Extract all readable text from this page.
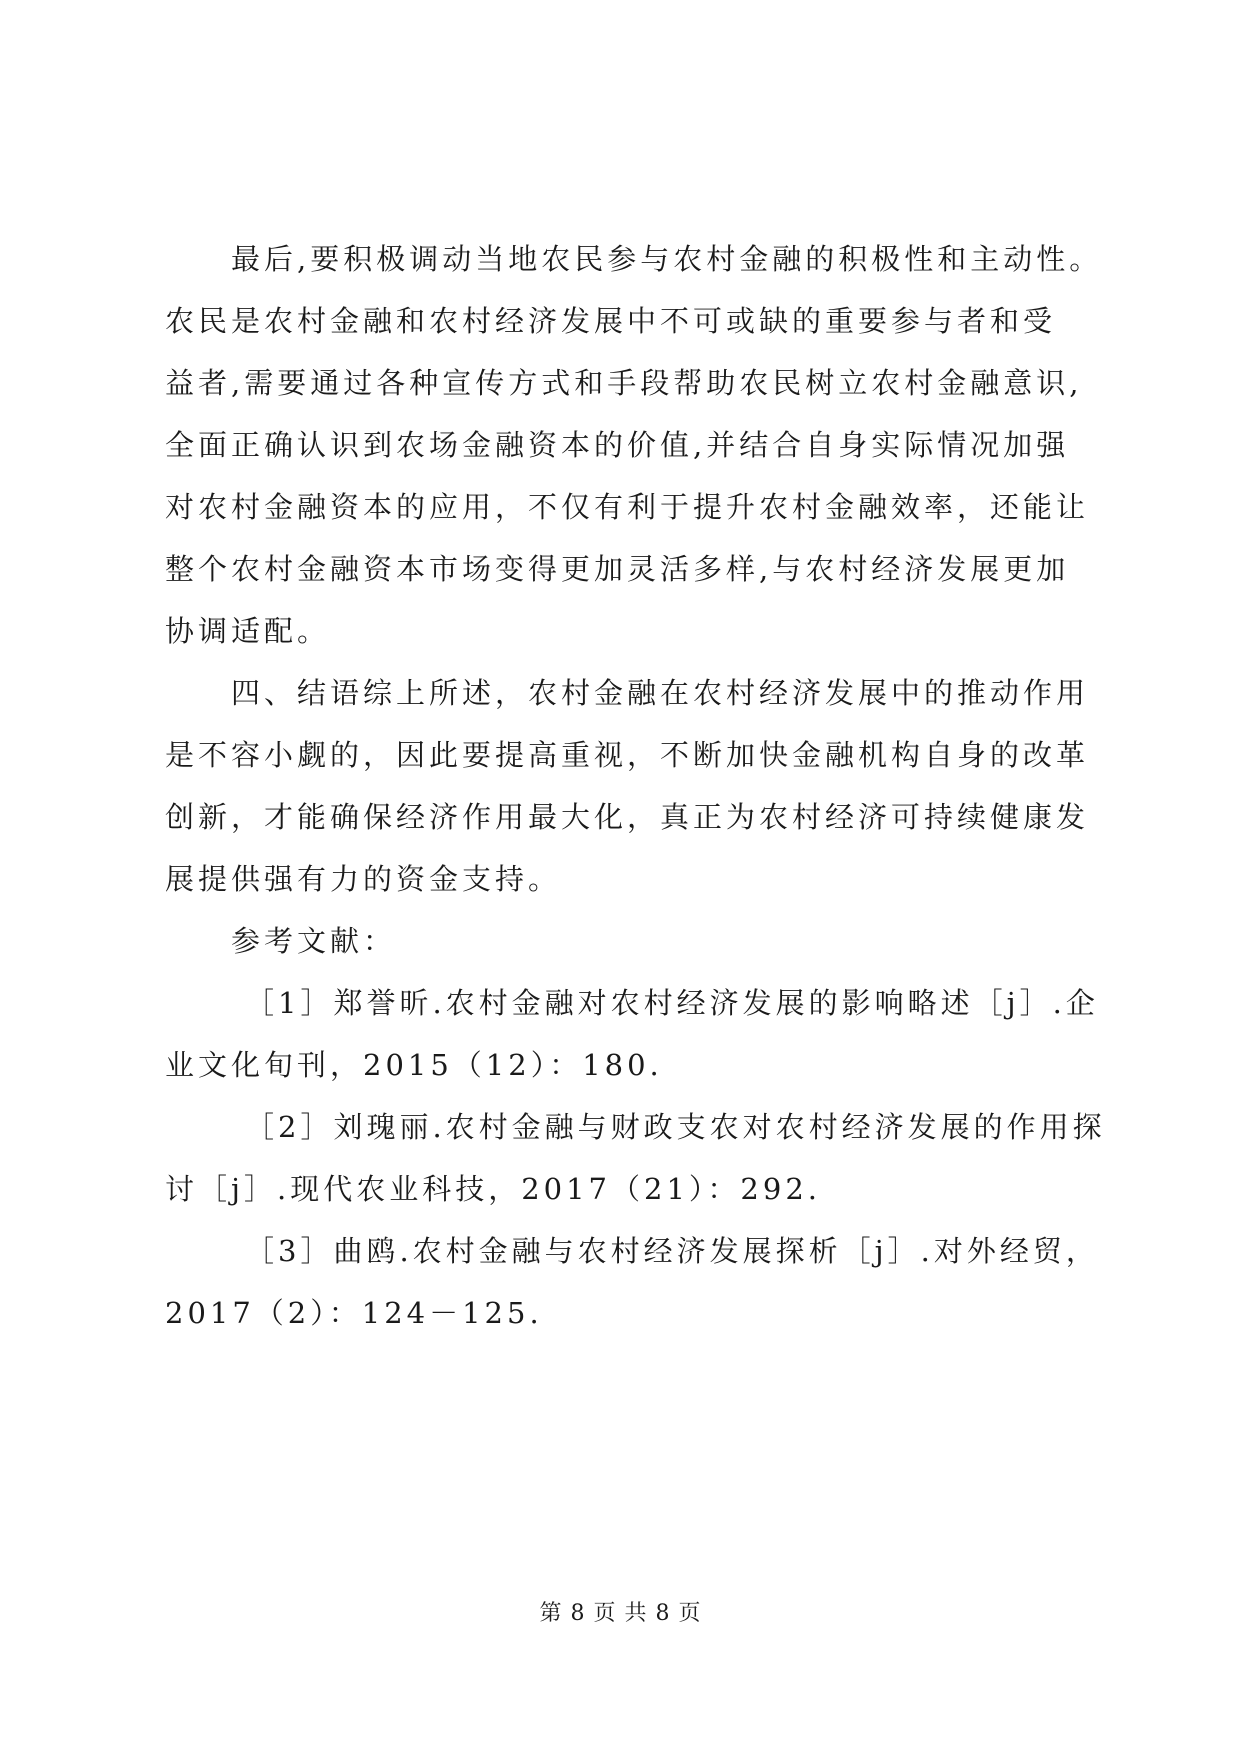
最后,要积极调动当地农民参与农村金融的积极性和主动性。
农民是农村金融和农村经济发展中不可或缺的重要参与者和受
益者,需要通过各种宣传方式和手段帮助农民树立农村金融意识,
全面正确认识到农场金融资本的价值,并结合自身实际情况加强
对农村金融资本的应用，不仅有利于提升农村金融效率，还能让
整个农村金融资本市场变得更加灵活多样,与农村经济发展更加
协调适配。
四、结语综上所述，农村金融在农村经济发展中的推动作用
是不容小觑的，因此要提高重视，不断加快金融机构自身的改革
创新，才能确保经济作用最大化，真正为农村经济可持续健康发
展提供强有力的资金支持。
参考文献：
［1］郑誉昕.农村金融对农村经济发展的影响略述［j］.企
业文化旬刊，2015（12）：180.
［2］刘瑰丽.农村金融与财政支农对农村经济发展的作用探
讨［j］.现代农业科技，2017（21）：292.
［3］曲鸥.农村金融与农村经济发展探析［j］.对外经贸，
2017（2）：124－125.
第 8 页 共 8 页
